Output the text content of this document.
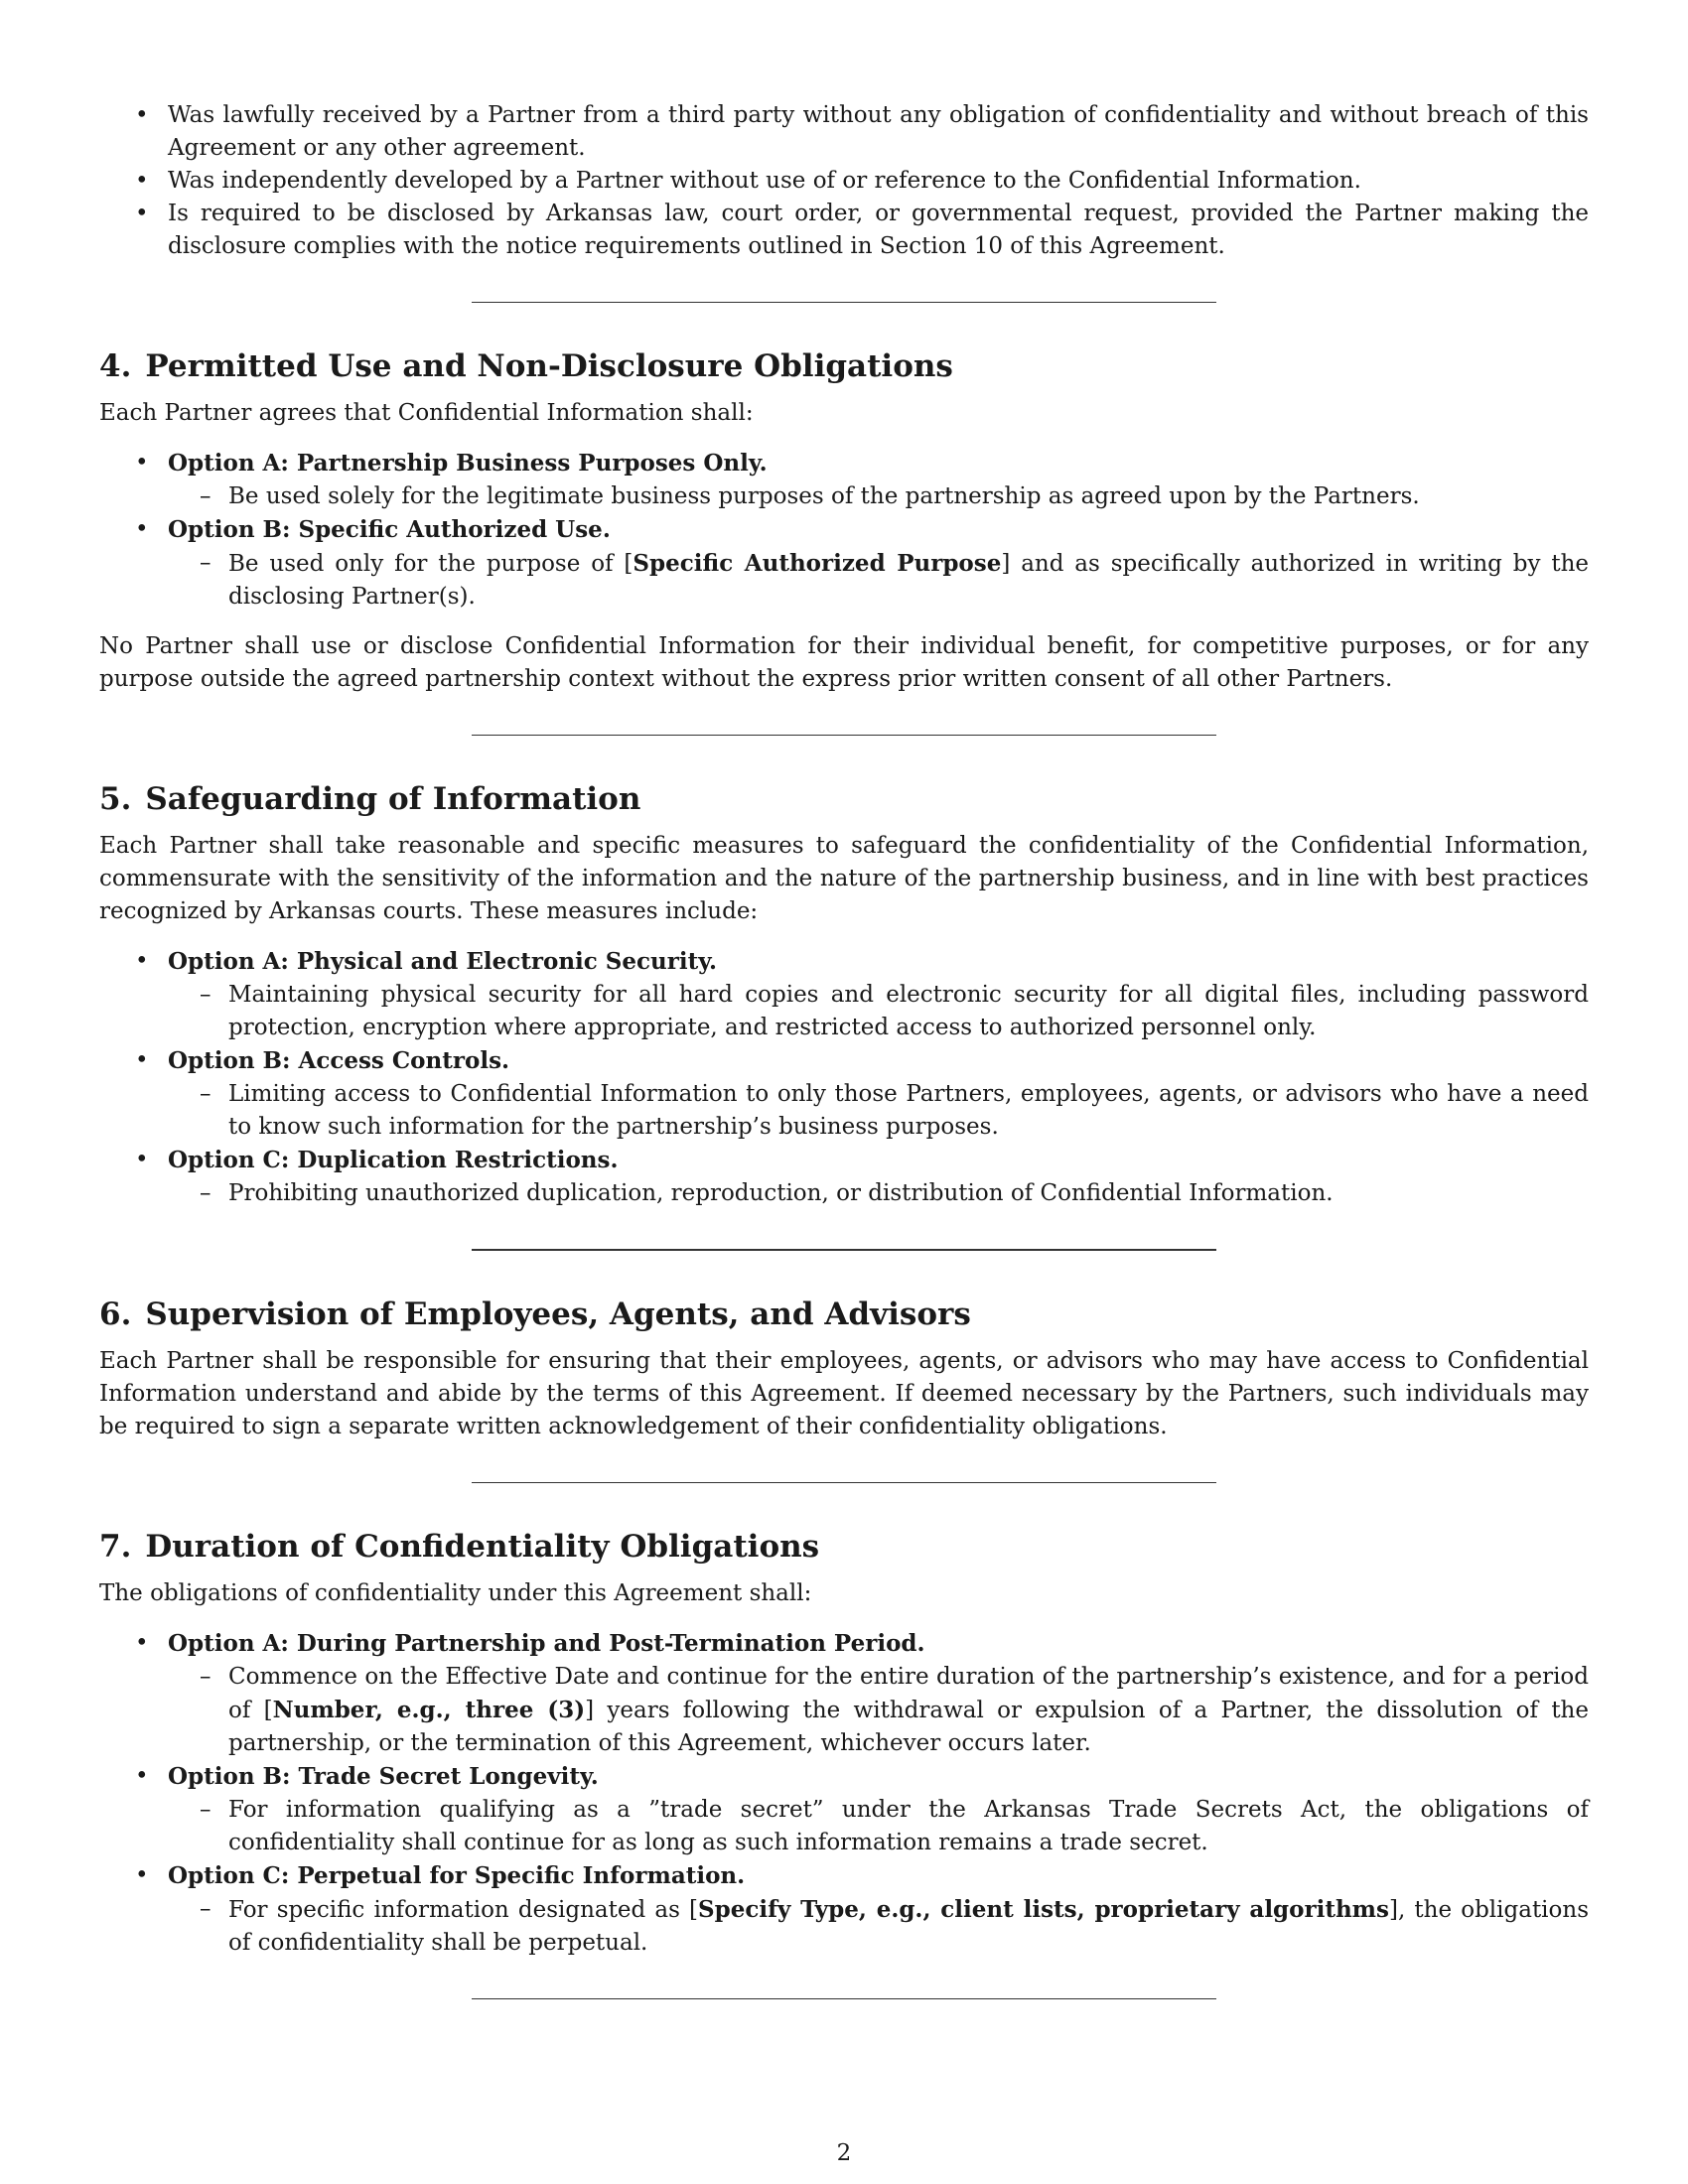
• Was lawfully received by a Partner from a third party without any obligation of confidentiality and without breach of this Agreement or any other agreement.
• Was independently developed by a Partner without use of or reference to the Confidential Information.
• Is required to be disclosed by Arkansas law, court order, or governmental request, provided the Partner making the disclosure complies with the notice requirements outlined in Section 10 of this Agreement.
4. Permitted Use and Non-Disclosure Obligations

Each Partner agrees that Confidential Information shall:

• Option A: Partnership Business Purposes Only.
– Be used solely for the legitimate business purposes of the partnership as agreed upon by the Partners.
• Option B: Specific Authorized Use.
– Be used only for the purpose of [Specific Authorized Purpose] and as specifically authorized in writing by the disclosing Partner(s).

No Partner shall use or disclose Confidential Information for their individual benefit, for competitive purposes, or for any purpose outside the agreed partnership context without the express prior written consent of all other Partners.

5. Safeguarding of Information

Each Partner shall take reasonable and specific measures to safeguard the confidentiality of the Confidential Information, commensurate with the sensitivity of the information and the nature of the partnership business, and in line with best practices recognized by Arkansas courts. These measures include:

• Option A: Physical and Electronic Security.
– Maintaining physical security for all hard copies and electronic security for all digital files, including password protection, encryption where appropriate, and restricted access to authorized personnel only.
• Option B: Access Controls.
– Limiting access to Confidential Information to only those Partners, employees, agents, or advisors who have a need to know such information for the partnership’s business purposes.
• Option C: Duplication Restrictions.
– Prohibiting unauthorized duplication, reproduction, or distribution of Confidential Information.
6. Supervision of Employees, Agents, and Advisors

Each Partner shall be responsible for ensuring that their employees, agents, or advisors who may have access to Confidential Information understand and abide by the terms of this Agreement. If deemed necessary by the Partners, such individuals may be required to sign a separate written acknowledgement of their confidentiality obligations.

7. Duration of Confidentiality Obligations

The obligations of confidentiality under this Agreement shall:

• Option A: During Partnership and Post-Termination Period.
– Commence on the Effective Date and continue for the entire duration of the partnership’s existence, and for a period of [Number, e.g., three (3)] years following the withdrawal or expulsion of a Partner, the dissolution of the partnership, or the termination of this Agreement, whichever occurs later.
• Option B: Trade Secret Longevity.
– For information qualifying as a ”trade secret” under the Arkansas Trade Secrets Act, the obligations of confidentiality shall continue for as long as such information remains a trade secret.
• Option C: Perpetual for Specific Information.
– For specific information designated as [Specify Type, e.g., client lists, proprietary algorithms], the obligations of confidentiality shall be perpetual.
2
